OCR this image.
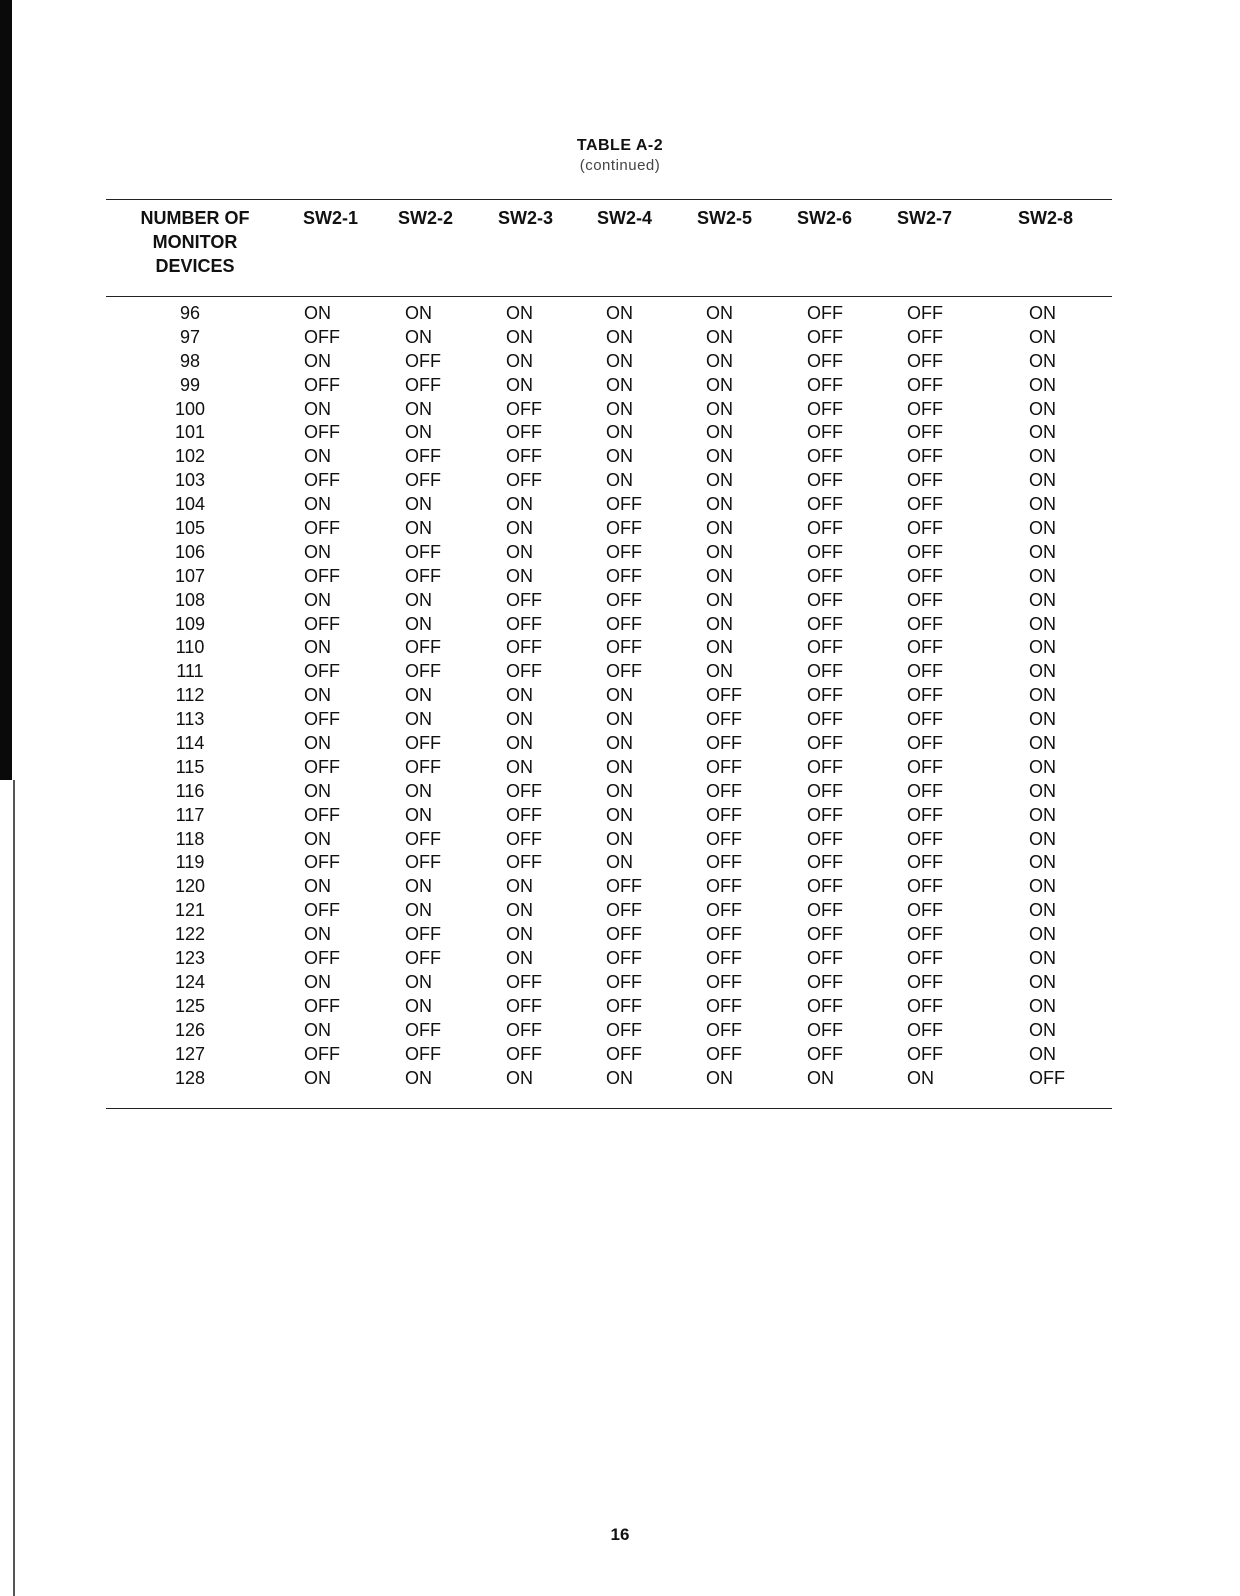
TABLE A-2
(continued)
NUMBER OF
MONITOR
DEVICES
SW2-1 SW2-2 SW2-3 SW2-4 SW2-5 SW2-6 SW2-7	SW2-8
96	ON	ON	ON	ON	ON	OFF	OFF	ON
97	OFF	ON	ON	ON	ON	OFF	OFF	ON
98	ON	OFF	ON	ON	ON	OFF	OFF	ON
99	OFF	OFF	ON	ON	ON	OFF	OFF	ON
100	ON	ON	OFF	ON	ON	OFF	OFF	ON
101	OFF	ON	OFF	ON	ON	OFF	OFF	ON
102	ON	OFF	OFF	ON	ON	OFF	OFF	ON
103	OFF	OFF	OFF	ON	ON	OFF	OFF	ON
104	ON	ON	ON	OFF	ON	OFF	OFF	ON
105	OFF	ON	ON	OFF	ON	OFF	OFF	ON
106	ON	OFF	ON	OFF	ON	OFF	OFF	ON
107	OFF	OFF	ON	OFF	ON	OFF	OFF	ON
108	ON	ON	OFF	OFF	ON	OFF	OFF	ON
109	OFF	ON	OFF	OFF	ON	OFF	OFF	ON
110	ON	OFF	OFF	OFF	ON	OFF	OFF	ON
111	OFF	OFF	OFF	OFF	ON	OFF	OFF	ON
112	ON	ON	ON	ON	OFF	OFF	OFF	ON
113	OFF	ON	ON	ON	OFF	OFF	OFF	ON
114	ON	OFF	ON	ON	OFF	OFF	OFF	ON
115	OFF	OFF	ON	ON	OFF	OFF	OFF	ON
116	ON	ON	OFF	ON	OFF	OFF	OFF	ON
117	OFF	ON	OFF	ON	OFF	OFF	OFF	ON
118	ON	OFF	OFF	ON	OFF	OFF	OFF	ON
119	OFF	OFF	OFF	ON	OFF	OFF	OFF	ON
120	ON	ON	ON	OFF	OFF	OFF	OFF	ON
121	OFF	ON	ON	OFF	OFF	OFF	OFF	ON
122	ON	OFF	ON	OFF	OFF	OFF	OFF	ON
123	OFF	OFF	ON	OFF	OFF	OFF	OFF	ON
124	ON	ON	OFF	OFF	OFF	OFF	OFF	ON
125	OFF	ON	OFF	OFF	OFF	OFF	OFF	ON
126	ON	OFF	OFF	OFF	OFF	OFF	OFF	ON
127	OFF	OFF	OFF	OFF	OFF	OFF	OFF	ON
128	ON	ON	ON	ON	ON	ON	ON	OFF
16
